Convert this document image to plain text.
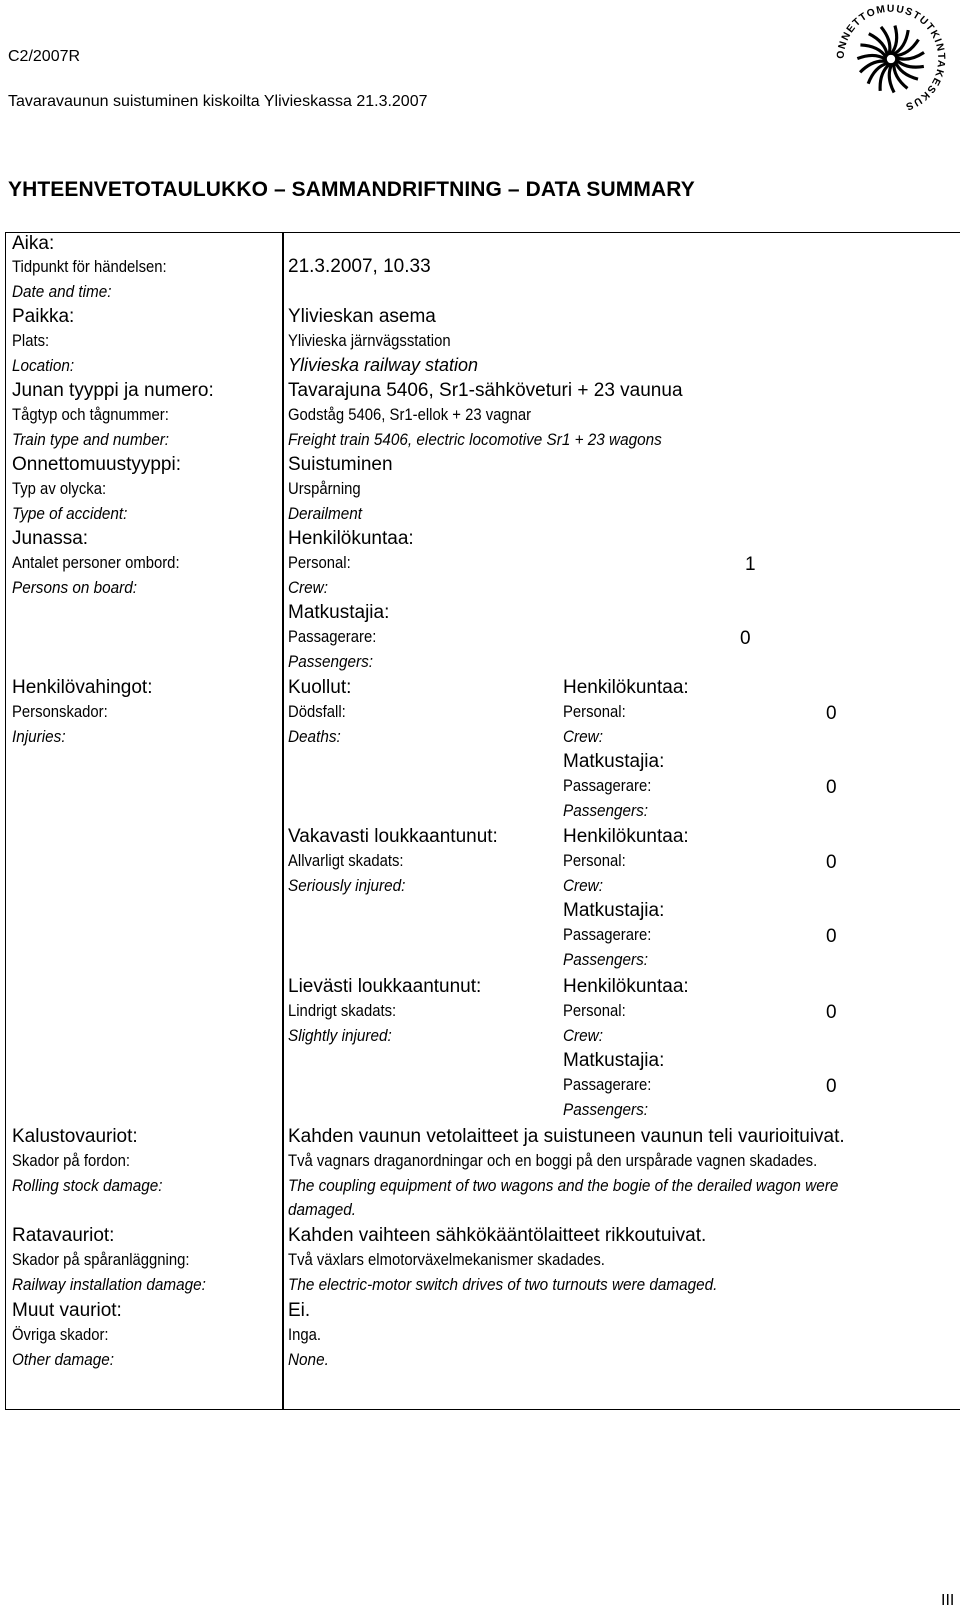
C2/2007R
Tavaravaunun suistuminen kiskoilta Ylivieskassa 21.3.2007
ONNETTOMUUSTUTKINTAKESKUS
YHTEENVETOTAULUKKO – SAMMANDRIFTNING – DATA SUMMARY
Aika:
Tidpunkt för händelsen:
Date and time:
Paikka:
Plats:
Location:
Junan tyyppi ja numero:
Tågtyp och tågnummer:
Train type and number:
Onnettomuustyyppi:
Typ av olycka:
Type of accident:
Junassa:
Antalet personer ombord:
Persons on board:
Henkilövahingot:
Personskador:
Injuries:
Kalustovauriot:
Skador på fordon:
Rolling stock damage:
Ratavauriot:
Skador på spåranläggning:
Railway installation damage:
Muut vauriot:
Övriga skador:
Other damage:
21.3.2007, 10.33
Ylivieskan asema
Ylivieska järnvägsstation
Ylivieska railway station
Tavarajuna 5406, Sr1-sähköveturi + 23 vaunua
Godståg 5406, Sr1-ellok + 23 vagnar
Freight train 5406, electric locomotive Sr1 + 23 wagons
Suistuminen
Urspårning
Derailment
Henkilökuntaa:
Personal:
Crew:
1
Matkustajia:
Passagerare:
Passengers:
0
Kuollut:
Dödsfall:
Deaths:
Henkilökuntaa:
Personal:
Crew:
0
Matkustajia:
Passagerare:
Passengers:
0
Vakavasti loukkaantunut:
Allvarligt skadats:
Seriously injured:
Henkilökuntaa:
Personal:
Crew:
0
Matkustajia:
Passagerare:
Passengers:
0
Lievästi loukkaantunut:
Lindrigt skadats:
Slightly injured:
Henkilökuntaa:
Personal:
Crew:
0
Matkustajia:
Passagerare:
Passengers:
0
Kahden vaunun vetolaitteet ja suistuneen vaunun teli vaurioituivat.
Två vagnars draganordningar och en boggi på den urspårade vagnen skadades.
The coupling equipment of two wagons and the bogie of the derailed wagon were
damaged.
Kahden vaihteen sähkökääntölaitteet rikkoutuivat.
Två växlars elmotorväxelmekanismer skadades.
The electric-motor switch drives of two turnouts were damaged.
Ei.
Inga.
None.
III
